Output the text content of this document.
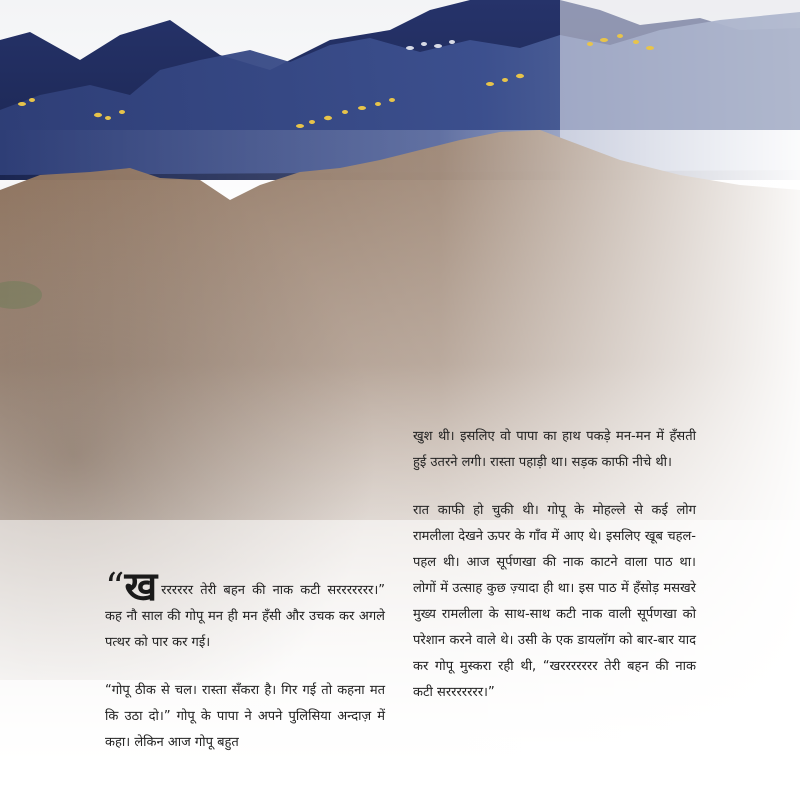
“ख रररररर तेरी बहन की नाक कटी सररररररर।” कह नौ साल की गोपू मन ही मन हँसी और उचक कर अगले पत्थर को पार कर गई।

“गोपू ठीक से चल। रास्ता सँकरा है। गिर गई तो कहना मत कि उठा दो।” गोपू के पापा ने अपने पुलिसिया अन्दाज़ में कहा। लेकिन आज गोपू बहुत

खुश थी। इसलिए वो पापा का हाथ पकड़े मन-मन में हँसती हुई उतरने लगी। रास्ता पहाड़ी था। सड़क काफी नीचे थी।

रात काफी हो चुकी थी। गोपू के मोहल्ले से कई लोग रामलीला देखने ऊपर के गाँव में आए थे। इसलिए खूब चहल-पहल थी। आज सूर्पणखा की नाक काटने वाला पाठ था। लोगों में उत्साह कुछ ज़्यादा ही था। इस पाठ में हँसोड़ मसखरे मुख्य रामलीला के साथ-साथ कटी नाक वाली सूर्पणखा को परेशान करने वाले थे। उसी के एक डायलॉग को बार-बार याद कर गोपू मुस्करा रही थी, “खररररररर तेरी बहन की नाक कटी सररररररर।”
